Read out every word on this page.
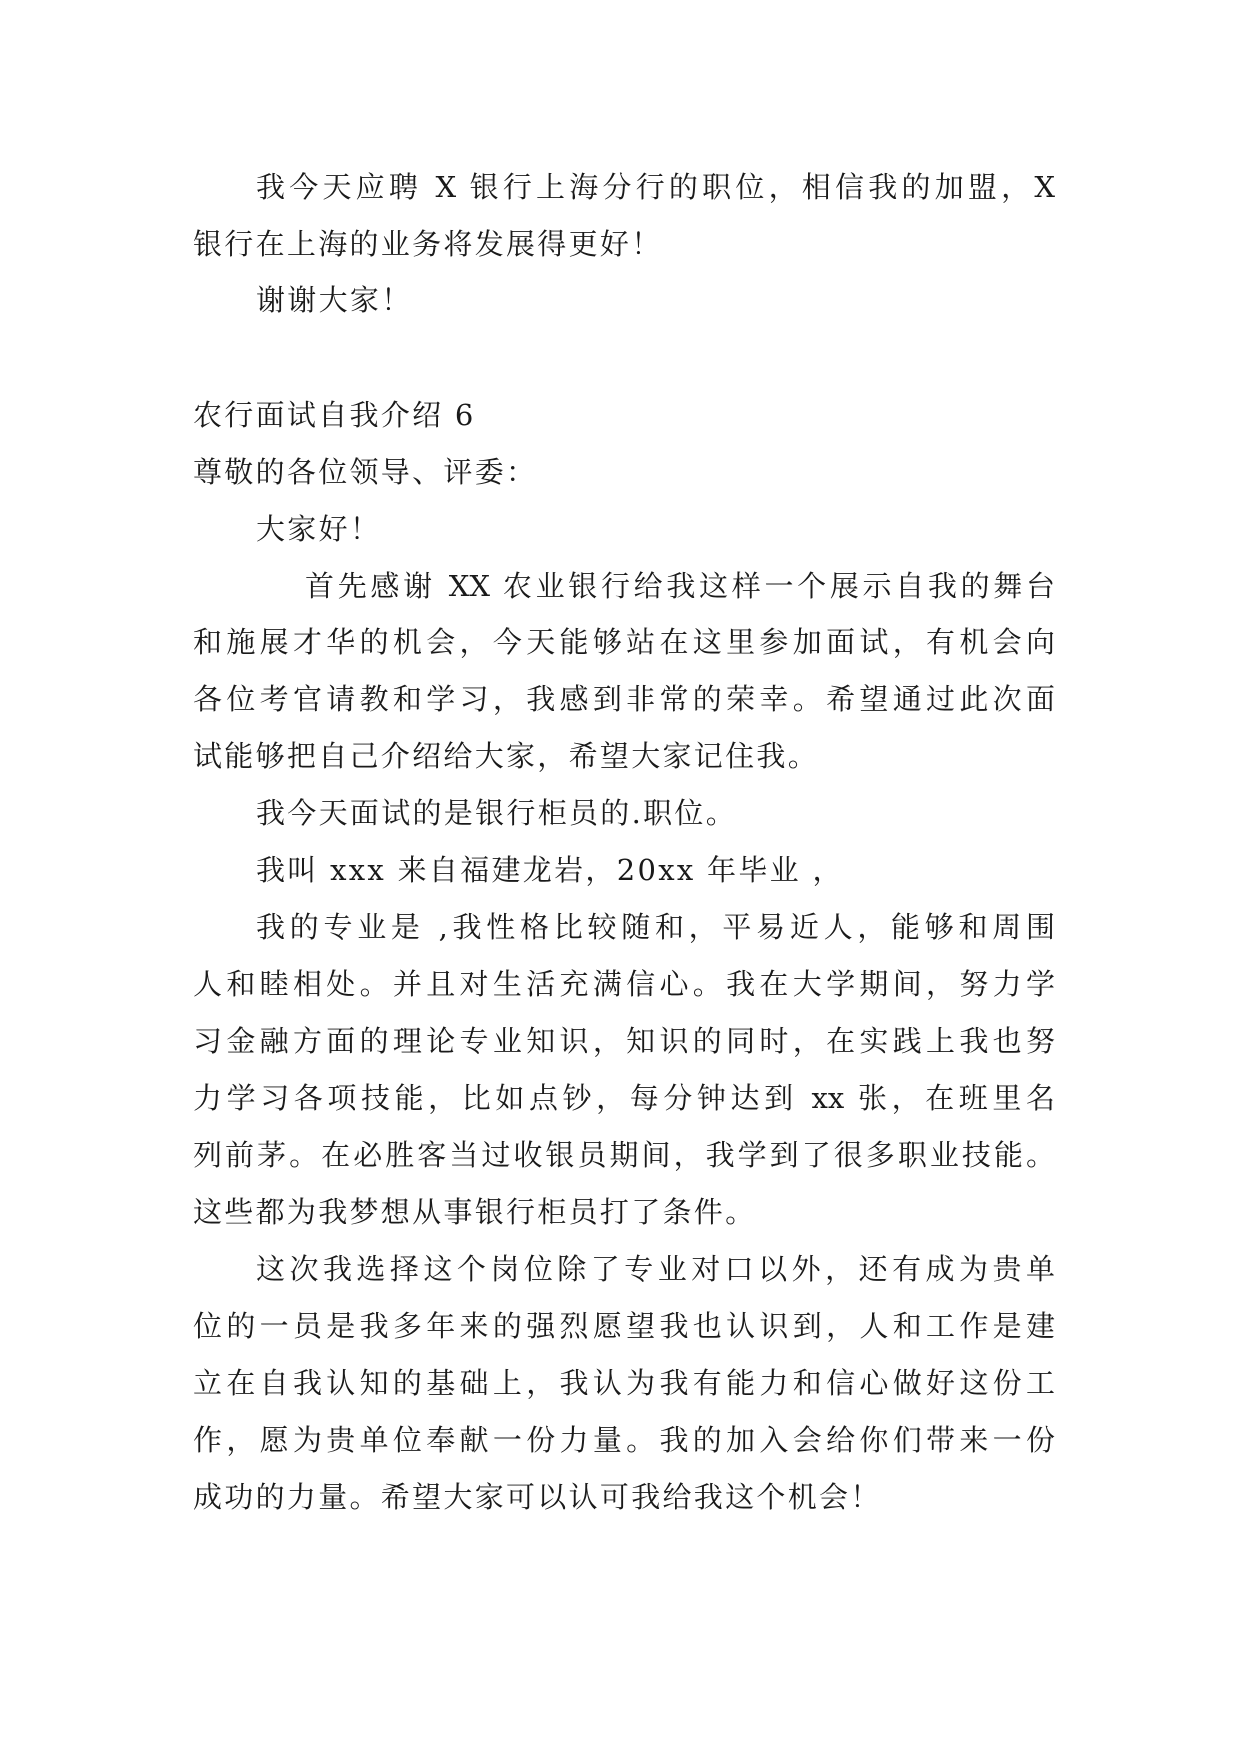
我今天应聘 X 银行上海分行的职位，相信我的加盟，X
银行在上海的业务将发展得更好！
谢谢大家！
农行面试自我介绍 6
尊敬的各位领导、评委：
大家好！
首先感谢 XX 农业银行给我这样一个展示自我的舞台
和施展才华的机会，今天能够站在这里参加面试，有机会向
各位考官请教和学习，我感到非常的荣幸。希望通过此次面
试能够把自己介绍给大家，希望大家记住我。
我今天面试的是银行柜员的.职位。
我叫 xxx 来自福建龙岩，20xx 年毕业 ，
我的专业是 ,我性格比较随和，平易近人，能够和周围
人和睦相处。并且对生活充满信心。我在大学期间，努力学
习金融方面的理论专业知识，知识的同时，在实践上我也努
力学习各项技能，比如点钞，每分钟达到 xx 张，在班里名
列前茅。在必胜客当过收银员期间，我学到了很多职业技能。
这些都为我梦想从事银行柜员打了条件。
这次我选择这个岗位除了专业对口以外，还有成为贵单
位的一员是我多年来的强烈愿望我也认识到，人和工作是建
立在自我认知的基础上，我认为我有能力和信心做好这份工
作，愿为贵单位奉献一份力量。我的加入会给你们带来一份
成功的力量。希望大家可以认可我给我这个机会！
